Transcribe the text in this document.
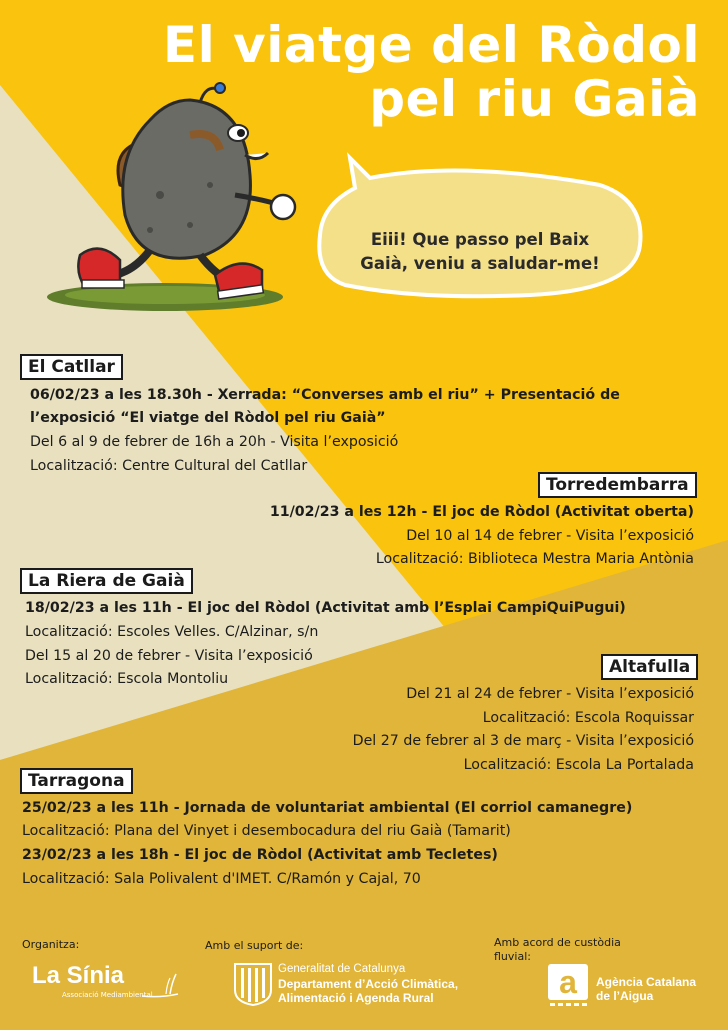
Eiii! Que passo pel Baix
Gaià, veniu a saludar-me!
El viatge del Ròdol
pel riu Gaià
El Catllar
06/02/23 a les 18.30h - Xerrada: “Converses amb el riu” + Presentació de
l’exposició “El viatge del Ròdol pel riu Gaià”
Del 6 al 9 de febrer de 16h a 20h - Visita l’exposició
Localització: Centre Cultural del Catllar
Torredembarra
11/02/23 a les 12h - El joc de Ròdol (Activitat oberta)
Del 10 al 14 de febrer - Visita l’exposició
Localització: Biblioteca Mestra Maria Antònia
La Riera de Gaià
18/02/23 a les 11h - El joc del Ròdol (Activitat amb l’Esplai CampiQuiPugui)
Localització: Escoles Velles. C/Alzinar, s/n
Del 15 al 20 de febrer - Visita l’exposició
Localització: Escola Montoliu
Altafulla
Del 21 al 24 de febrer - Visita l’exposició
Localització: Escola Roquissar
Del 27 de febrer al 3 de març - Visita l’exposició
Localització: Escola La Portalada
Tarragona
25/02/23 a les 11h - Jornada de voluntariat ambiental (El corriol camanegre)
Localització: Plana del Vinyet i desembocadura del riu Gaià (Tamarit)
23/02/23 a les 18h - El joc de Ròdol (Activitat amb Tecletes)
Localització: Sala Polivalent d'IMET. C/Ramón y Cajal, 70
Organitza:	Amb el suport de:	Amb acord de custòdia fluvial:
La Sínia
Associació Mediambiental
Generalitat de Catalunya
Departament d’Acció Climàtica,
Alimentació i Agenda Rural	a Agència Catalana
de l’Aigua
